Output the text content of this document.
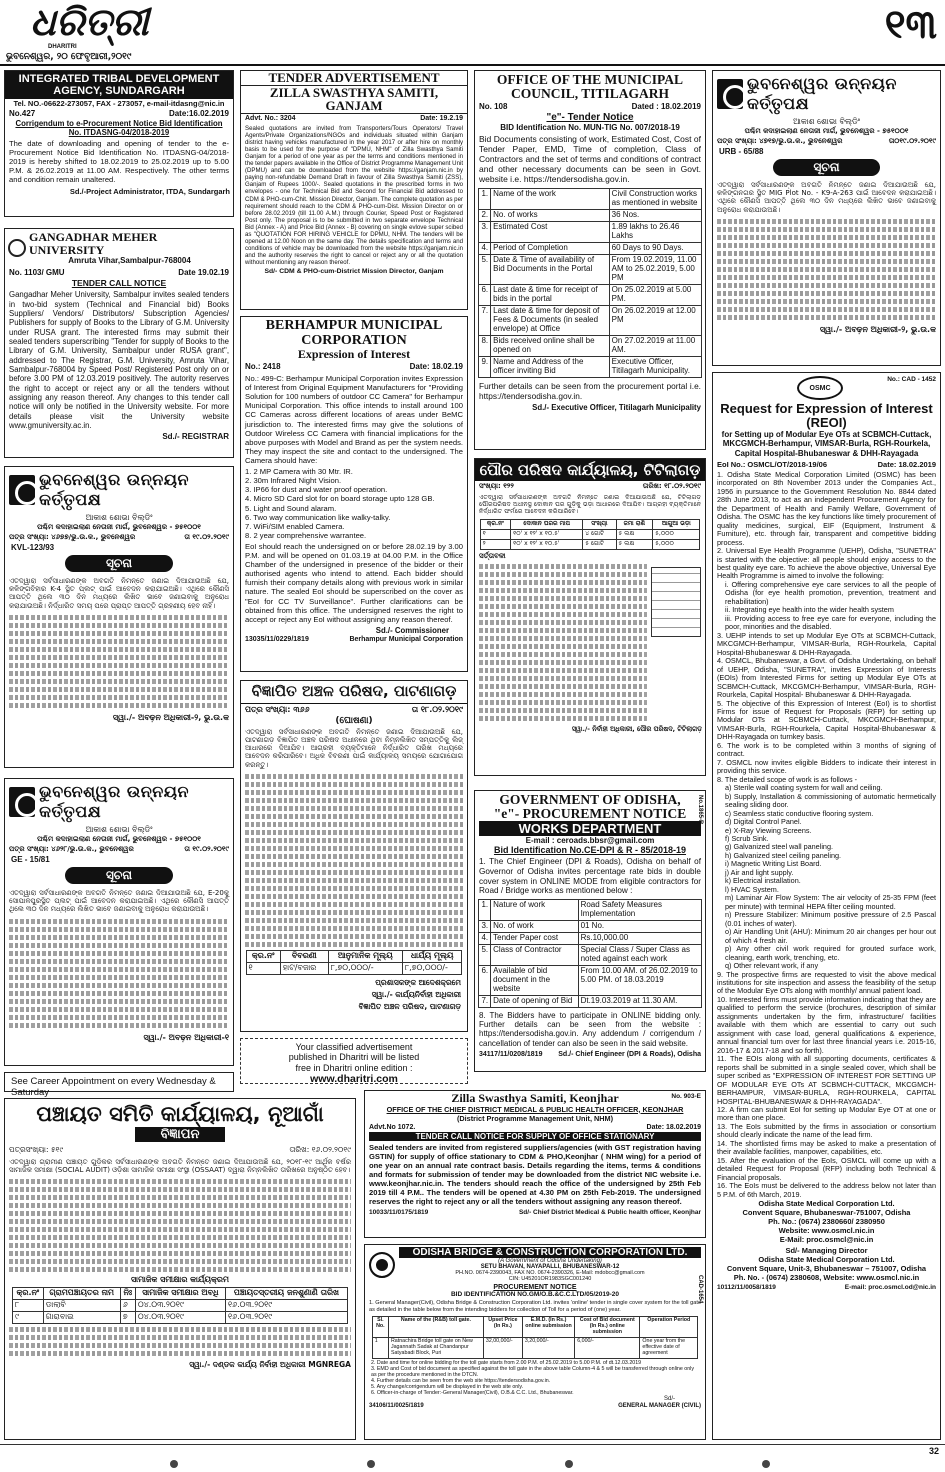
ଧରିତ୍ରୀ
DHARITRI
ଭୁବନେଶ୍ୱର, ୨୦ ଫେବୃଆରୀ,୨୦୧୯
୧୩
INTEGRATED TRIBAL DEVELOPMENT AGENCY, SUNDARGARH
Tel. NO.-06622-273057, FAX - 273057, e-mail-itdasng@nic.in
No.427	Date:16.02.2019
Corrigendum to e-Procurement Notice Bid Identification No. ITDASNG-04/2018-2019
The date of downloading and opening of tender to the e-Procurement Notice Bid Identification No. ITDASNG-04/2018-2019 is hereby shifted to 18.02.2019 to 25.02.2019 up to 5.00 P.M. & 26.02.2019 at 11.00 AM. Respectively. The other terms and condition remain unaltered.
Sd./-Project Administrator, ITDA, Sundargarh
GANGADHAR MEHER UNIVERSITY
Amruta Vihar,Sambalpur-768004
No. 1103/ GMU	Date 19.02.19
TENDER CALL NOTICE
Gangadhar Meher University, Sambalpur invites sealed tenders in two-bid system (Technical and Financial bid) Books Suppliers/ Vendors/ Distributors/ Subscription Agencies/ Publishers for supply of Books to the Library of G.M. University under RUSA grant. The interested firms may submit their sealed tenders superscribing "Tender for supply of Books to the Library of G.M. University, Sambalpur under RUSA grant", addressed to The Registrar, G.M. University, Amruta Vihar, Sambalpur-768004 by Speed Post/ Registered Post only on or before 3.00 PM of 12.03.2019 positively. The autority reserves the right to accept or reject any or all the tenders without assigning any reason thereof. Any changes to this tender call notice will only be notified in the University website. For more details please visit the University website www.gmuniversity.ac.in.
Sd./- REGISTRAR
ଭୁବନେଶ୍ୱର ଉନ୍ନୟନ କର୍ତ୍ତୃପକ୍ଷ
ଆକାଶ ଶୋଭା ବିଲ୍ଡିଂ
ପଶ୍ଚିମ କଦାହାଇଲାଣ ନେତାଜୀ ମାର୍ଗ, ଭୁବନେଶ୍ୱର - ୭୫୧୦୦୧
ପତ୍ର ସଂଖ୍ୟା: ୪୬୭୭/ଭୁ.ଉ.କ., ଭୁବନେଶ୍ୱର	ତା ୧୯.୦୨.୨୦୧୯
KVL-123/93
ସୂଚନା
ଏତଦ୍ୱାରା ସର୍ବସାଧାରଣଙ୍କ ଅବଗତି ନିମନ୍ତେ ଜଣାଇ ଦିଆଯାଉଅଛି ଯେ, କଳିଙ୍ଗବିହାର K-4 ସ୍ଥିତ ପ୍ଲଟ୍ ପାଇଁ ଆବେଦନ କରାଯାଇଅଛି। ଏଥିରେ କୌଣସି ଆପତ୍ତି ଥିଲେ ୩୦ ଦିନ ମଧ୍ୟରେ ଲିଖିତ ଭାବେ ଜଣାଇବାକୁ ଅନୁରୋଧ କରାଯାଉଅଛି। ନିର୍ଦ୍ଧାରିତ ସମୟ ପରେ ପ୍ରାପ୍ତ ଆପତ୍ତି ଗ୍ରହଣୀୟ ହେବ ନାହିଁ।
ସ୍ୱା./- ଅବଢ଼ନ ଅଧିକାରୀ-୨, ଭୁ.ଉ.କ
ଭୁବନେଶ୍ୱର ଉନ୍ନୟନ କର୍ତ୍ତୃପକ୍ଷ
ଆକାଶ ଶୋଭା ବିଲ୍ଡିଂ
ପଶ୍ଚିମ କଦାହାଇଲାଣ ନେତାଜୀ ମାର୍ଗ, ଭୁବନେଶ୍ୱର - ୭୫୧୦୦୧
ପତ୍ର ସଂଖ୍ୟା: ୪୬୨୮/ଭୁ.ଉ.କ., ଭୁବନେଶ୍ୱର	ତା ୧୯.୦୨.୨୦୧୯
GE - 15/81
ସୂଚନା
ଏତଦ୍ୱାରା ସର୍ବସାଧାରଣଙ୍କ ଅବଗତି ନିମନ୍ତେ ଜଣାଇ ଦିଆଯାଉଅଛି ଯେ, E-20କୁ ସୋପାଳପୁରସ୍ଥିତ ପ୍ଲଟ୍ ପାଇଁ ଆବେଦନ କରାଯାଇଅଛି। ଏଥିରେ କୌଣସି ଆପତ୍ତି ଥିଲେ ୩୦ ଦିନ ମଧ୍ୟରେ ଲିଖିତ ଭାବେ ଜଣାଇବାକୁ ଅନୁରୋଧ କରାଯାଉଅଛି।
ସ୍ୱା./- ଅବଢ଼ନ ଅଧିକାରୀ-୧
See Career Appointment on every Wednesday & Saturday
ପଞ୍ଚାୟତ ସମିତି କାର୍ଯ୍ୟାଳୟ, ନୂଆଗାଁ
ବିଜ୍ଞାପନ
ପତ୍ରସଂଖ୍ୟା: ୫୧୯	ତାରିଖ: ୧୬.୦୨.୨୦୧୯
ଏତଦ୍ୱାରା ଗ୍ରାମୀଣ ପଞ୍ଚାୟତ ଗୁଡ଼ିକର ସର୍ବସାଧାରଣଙ୍କ ଅବଗତି ନିମନ୍ତେ ଜଣାଇ ଦିଆଯାଉଅଛି ଯେ, ୨୦୧୮-୧୯ ଆର୍ଥିକ ବର୍ଷର ସାମାଜିକ ସମୀକ୍ଷା (SOCIAL AUDIT) ଓଡ଼ିଶା ସାମାଜିକ ସମୀକ୍ଷା ସଂସ୍ଥା (OSSAAT) ଦ୍ୱାରା ନିମ୍ନଲିଖିତ ତାରିଖରେ ଅନୁଷ୍ଠିତ ହେବ।
ସାମାଜିକ ସମୀକ୍ଷାର କାର୍ଯ୍ୟକ୍ରମ
କ୍ର.ନଂ	ଗ୍ରାମପଞ୍ଚାୟତର ନାମ	ନିଃ	ସାମାଜିକ ସମୀକ୍ଷାର ଅବଧି	ପଞ୍ଚାୟତସ୍ତରୀୟ ଜନଶୁଣାଣି ତାରିଖ
୮	ଡାଲାବି	୬	୦୪.୦୩.୨୦୧୯	୧୬.୦୩.୨୦୧୯
୯	ଗାରାବାଇ	୭	୦୪.୦୩.୨୦୧୯	୧୬.୦୩.୨୦୧୯
ସ୍ୱା./- ଦଣ୍ଡକ କାର୍ଯ୍ୟ ନିର୍ବାହୀ ଅଧିକାରୀ MGNREGA
TENDER ADVERTISEMENT
ZILLA SWASTHYA SAMITI, GANJAM
Advt. No.: 3204	Date: 19.2.19
Sealed quotations are invited from Transporters/Tours Operators/ Travel Agents/Private Organizations/NGOs and individuals situated within Ganjam district having vehicles manufactured in the year 2017 or after hire on monthly basis to be used for the purpose of "DPMU, NHM" of Zilla Swasthya Samiti Ganjam for a period of one year as per the terms and conditions mentioned in the tender papers available in the Office of District Programme Management Unit (DPMU) and can be downloaded from the website https://ganjam.nic.in by paying non-refundable Demand Draft in favour of Zilla Swasthya Samiti (ZSS), Ganjam of Rupees 1000/-. Sealed quotations in the prescribed forms in two envelopes - one for Technical Bid and Second for Financial Bid addressed to CDM & PHO-cum-Chit. Mission Director, Ganjam. The complete quotation as per requirement should reach to the CDM & PHO-cum-Dist. Mission Director on or before 28.02.2019 (till 11.00 A.M.) through Courier, Speed Post or Registered Post only. The proposal is to be submitted in two separate envelope Technical Bid (Annex - A) and Price Bid (Annex - B) covering on single evlove super scibed as "QUOTATION FOR HIRING VEHICLE for DPMU, NHM. The tenders will be opened at 12.00 Noon on the same day. The details specification and terms and conditions of vehicle may be downloaded from the website https://ganjam.nic.in and the authority reserves the right to cancel or reject any or all the quotation without mentioning any reason thereof.
Sd/- CDM & PHO-cum-District Mission Director, Ganjam
BERHAMPUR MUNICIPAL CORPORATION
Expression of Interest
No.: 2418	Date: 18.02.19
No.: 499-C: Berhampur Municipal Corporation invites Expression of Interest from Original Equipment Manufacturers for "Providing Solution for 100 numbers of outdoor CC Camera" for Berhampur Municipal Corporation. This office intends to install around 100 CC Cameras across different locations of areas under BeMC jurisdiction to. The interested firms may give the solutions of Outdoor Wireless CC Camera with financial implications for the above purposes with Model and Brand as per the system needs. They may inspect the site and contact to the undersigned. The Camera should have:
1. 2 MP Camera with 30 Mtr. IR.
2. 30m Infrared Night Vision.
3. IP66 for dust and water proof operation.
4. Micro SD Card slot for on board storage upto 128 GB.
5. Light and Sound alaram.
6. Two way communication like walky-talky.
7. WiFi/SIM enabled Camera.
8. 2 year comprehensive warrantee.
EoI should reach the undersigned on or before 28.02.19 by 3.00 P.M. and will be opened on 01.03.19 at 04.00 P.M. in the Office Chamber of the undersigned in presence of the bidder or their authorised agents who intend to attend. Each bidder should furnish their company details along with previous work in similar nature. The sealed EoI should be superscribed on the cover as "EoI for CC TV Surveillance". Further clarifications can be obtained from this office. The undersigned reserves the right to accept or reject any EoI without assigning any reason thereof.
Sd./- Commissioner
13035/11/0229/1819	Berhampur Municipal Corporation
ବିଜ୍ଞାପିତ ଅଞ୍ଚଳ ପରିଷଦ, ପାଟଣାଗଡ଼
ପତ୍ର ସଂଖ୍ୟା: ୩୬୬	ତା ୧୮.୦୨.୨୦୧୯
(ଘୋଷଣା)
ଏତଦ୍ୱାରା ସର୍ବସାଧାରଣଙ୍କ ଅବଗତି ନିମନ୍ତେ ଜଣାଇ ଦିଆଯାଉଅଛି ଯେ, ପାଟଣାଗଡ଼ ବିଜ୍ଞାପିତ ଅଞ୍ଚଳ ପରିଷଦ ଅଧୀନରେ ଥିବା ନିମ୍ନଲିଖିତ ସମ୍ପତ୍ତିକୁ ଲିଜ୍ ଆଧାରରେ ଦିଆଯିବ। ଆଗ୍ରହୀ ବ୍ୟକ୍ତିମାନେ ନିର୍ଦ୍ଧାରିତ ତାରିଖ ମଧ୍ୟରେ ଆବେଦନ କରିପାରିବେ। ଅଧିକ ବିବରଣୀ ପାଇଁ କାର୍ଯ୍ୟାଳୟ ସମୟରେ ଯୋଗାଯୋଗ କରନ୍ତୁ।
କ୍ର.ନଂ	ବିବରଣୀ	ଆନୁମାନିକ ମୂଲ୍ୟ	ଧାର୍ଯ୍ୟ ମୂଲ୍ୟ
୧	ହାଟ/ବଜାର	୮,୭୦,୦୦୦/-	୮,୭୦,୦୦୦/-
ପ୍ରଶାସକଙ୍କ ଆଦେଶକ୍ରମେ
ସ୍ୱା./- କାର୍ଯ୍ୟନିର୍ବାହୀ ଅଧିକାରୀ
ବିଜ୍ଞାପିତ ଅଞ୍ଚଳ ପରିଷଦ, ପାଟଣାଗଡ଼
Your classified advertisement
published in Dharitri will be listed
free in Dharitri online edition :
www.dharitri.com
OFFICE OF THE MUNICIPAL COUNCIL, TITILAGARH
No. 108	Dated : 18.02.2019
"e"- Tender Notice
BID Identification No. MUN-TIG No. 007/2018-19
Bid Documents consisting of work, Estimated Cost, Cost of Tender Paper, EMD, Time of completion, Class of Contractors and the set of terms and conditions of contract and other necessary documents can be seen in Govt. website i.e. https://tendersodisha.gov.in.
1.	Name of the work	Civil Construction works as mentioned in website
2.	No. of works	36 Nos.
3.	Estimated Cost	1.89 lakhs to 26.46 Lakhs
4.	Period of Completion	60 Days to 90 Days.
5.	Date & Time of availability of Bid Documents in the Portal	From 19.02.2019, 11.00 AM to 25.02.2019, 5.00 PM
6.	Last date & time for receipt of bids in the portal	On 25.02.2019 at 5.00 PM.
7.	Last date & time for deposit of Fees & Documents (in sealed envelope) at Office	On 26.02.2019 at 12.00 PM
8.	Bids received online shall be opened on	On 27.02.2019 at 11.00 AM.
9.	Name and Address of the officer inviting Bid	Executive Officer, Titilagarh Municipality.
Further details can be seen from the procurement portal i.e. https://tendersodisha.gov.in.
Sd./- Executive Officer, Titilagarh Municipality
ପୌର ପରିଷଦ କାର୍ଯ୍ୟାଳୟ, ଟିଟିଲାଗଡ଼
ସଂଖ୍ୟା: ୧୨୨	ତାରିଖ: ୧୮.୦୨.୨୦୧୯
ଏତଦ୍ୱାରା ସର୍ବସାଧାରଣଙ୍କ ଅବଗତି ନିମନ୍ତେ ଜଣାଇ ଦିଆଯାଉଅଛି ଯେ, ଟିଟିଲାଗଡ଼ ପୌରପରିଷଦ ଅଧୀନସ୍ଥ ଦୋକାନ ଘର ଗୁଡ଼ିକୁ ଭଡ଼ା ଆଧାରରେ ଦିଆଯିବ। ଆଗ୍ରହୀ ବ୍ୟକ୍ତିମାନେ ନିର୍ଦ୍ଧାରିତ ଫର୍ମରେ ଆବେଦନ କରିପାରିବେ।
କ୍ର.ନଂ	ଦୋକାନ ଘରର ମାପ	ସଂଖ୍ୟା	ଜମା ରାଶି	ଆଗୁଆ ଭଡ଼ା
୧	୧୦' x ୧୨' x ୧୦.୫'	୪ ଗୋଟି	୫ ଲକ୍ଷ	୫,୦୦୦
୨	୧୦' x ୧୨' x ୧୦.୫'	୫ ଗୋଟି	୫ ଲକ୍ଷ	୫,୦୦୦
ସର୍ତ୍ତାବଳୀ
ସ୍ୱା./- ନିର୍ବାହୀ ଅଧିକାରୀ, ପୌର ପରିଷଦ, ଟିଟିଲାଗଡ଼
GOVERNMENT OF ODISHA,
"e"- PROCUREMENT NOTICE
WORKS DEPARTMENT
No.1865-B
E-mail : ceroads.bbsr@gmail.com
Bid Identification No.CE-DPI & R - 85/2018-19
1. The Chief Engineer (DPI & Roads), Odisha on behalf of Governor of Odisha invites percentage rate bids in double cover system in ONLINE MODE from eligible contractors for Road / Bridge works as mentioned below :
1.	Nature of work	Road Safety Measures Implementation
3.	No. of work	01 No.
4.	Tender Paper cost	Rs.10,000.00
5.	Class of Contractor	Special Class / Super Class as noted against each work
6.	Available of bid document in the website	From 10.00 AM. of 26.02.2019 to 5.00 PM. of 18.03.2019
7.	Date of opening of Bid	Dt.19.03.2019 at 11.30 AM.
8. The Bidders have to participate in ONLINE bidding only. Further details can be seen from the website : https://tendersodisha.gov.in. Any addendum / corrigendum / cancellation of tender can also be seen in the said website.
34117/11/0208/1819 Sd./- Chief Engineer (DPI & Roads), Odisha
Zilla Swasthya Samiti, Keonjhar	No. 903-E
OFFICE OF THE CHIEF DISTRICT MEDICAL & PUBLIC HEALTH OFFICER, KEONJHAR
(District Programme Management Unit, NHM)
Advt.No 1072.	Date: 18.02.2019
TENDER CALL NOTICE FOR SUPPLY OF OFFICE STATIONARY
Sealed tenders are invited from registered suppliers/agencies (with GST registration having GSTIN) for supply of office stationary to CDM & PHO,Keonjhar ( NHM wing) for a period of one year on an annual rate contract basis. Details regarding the items, terms & conditions and formats for submission of tender may be downloaded from the district NIC website i.e. www.keonjhar.nic.in. The tenders should reach the office of the undersigned by 25th Feb 2019 till 4 P.M.. The tenders will be opened at 4.30 PM on 25th Feb-2019. The undersigned reserves the right to reject any or all the tenders without assigning any reason thereof.
10033/11/0175/1819	Sd/- Chief District Medical & Public health officer, Keonjhar
ODISHA BRIDGE & CONSTRUCTION CORPORATION LTD.
(A Government of Odisha Undertaking)
SETU BHAVAN, NAYAPALLI, BHUBANESWAR-12
PH.NO. 0674-2390043, FAX NO. 0674-2390326, E-Mail: mdobcc@gmail.com
CIN: U45201OR1983SGC001240	CAD-1654
PROCUREMENT NOTICE
BID IDENTIFICATION NO.GM/O.B.&C.C.LTD/05/2019-20
1. General Manager(Civil), Odisha Bridge & Construction Corporation Ltd. invites 'online' tender in single cover system for the toll gate as detailed in the table below from the intending bidders for collection of Toll for a period of (one) year.
Sl. No.	Name of the (R&B) toll gate.	Upset Price (In Rs.)	E.M.D. (In Rs.) online submission	Cost of Bid document (In Rs.) online submission	Operation Period
1	Ratnachira Bridge toll gate on New Jagannath Sadak at Chandanpur Satyabadi Block, Puri	32,00,000/-	3,20,000/-	6,000/-	One year from the effective date of agreement
2. Date and time for online bidding for the toll gate starts from 2.00 P.M. of 25.02.2019 to 5.00 P.M. of dt.12.03.2019
3. EMD and Cost of bid document as specified against the toll gate in the above table Column-4 & 5 will be transferred through online only as per the procedure mentioned in the DTCN.
4. Further details can be seen from the web site https://tendersodisha.gov.in.
5. Any change/corrigendum will be displayed in the web site only.
6. Officer-in-charge of Tender:-General Manager(Civil), O.B.& C.C. Ltd., Bhubaneswar.
Sd/-
34106/11/0025/1819	GENERAL MANAGER (CIVIL)
ଭୁବନେଶ୍ୱର ଉନ୍ନୟନ କର୍ତ୍ତୃପକ୍ଷ
ଆକାଶ ଶୋଭା ବିଲ୍ଡିଂ
ପଶ୍ଚିମ କଦାହାଇଲାଣ ନେତାଜୀ ମାର୍ଗ, ଭୁବନେଶ୍ୱର - ୭୫୧୦୦୧
ପତ୍ର ସଂଖ୍ୟା: ୪୭୧୭/ଭୁ.ଉ.କ., ଭୁବନେଶ୍ୱର	ତା୦୧୯.୦୨.୨୦୧୯
URB - 65/88
ସୂଚନା
ଏତଦ୍ୱାରା ସର୍ବସାଧାରଣଙ୍କ ଅବଗତି ନିମନ୍ତେ ଜଣାଇ ଦିଆଯାଉଅଛି ଯେ, କଳିଙ୍ଗନଗର ସ୍ଥିତ MIG Plot No. - K9-A-263 ପାଇଁ ଆବେଦନ କରାଯାଇଅଛି। ଏଥିରେ କୌଣସି ଆପତ୍ତି ଥିଲେ ୩୦ ଦିନ ମଧ୍ୟରେ ଲିଖିତ ଭାବେ ଜଣାଇବାକୁ ଅନୁରୋଧ କରାଯାଉଅଛି।
ସ୍ୱା./- ଅବଢ଼ନ ଅଧିକାରୀ-୨, ଭୁ.ଉ.କ
OSMC
No.: CAD - 1452
Request for Expression of Interest (REOI)
for Setting up of Modular Eye OTs at SCBMCH-Cuttack, MKCGMCH-Berhampur, VIMSAR-Burla, RGH-Rourkela, Capital Hospital-Bhubaneswar & DHH-Rayagada
EoI No.: OSMCL/OT/2018-19/06	Date: 18.02.2019
1. Odisha State Medical Corporation Limited (OSMC) has been incorporated on 8th November 2013 under the Companies Act., 1956 in pursuance to the Government Resolution No. 8844 dated 28th June 2013, to act as an independent Procurement Agency for the Department of Health and Family Welfare, Government of Odisha. The OSMC has the key functions like timely procurement of quality medicines, surgical, EIF (Equipment, Instrument & Furniture), etc. through fair, transparent and competitive bidding process.
2. Universal Eye Health Programme (UEHP), Odisha, "SUNETRA" is started with the objective: all people should enjoy access to the best quality eye care. To achieve the above objective, Universal Eye Health Programme is aimed to involve the following:
i. Offering comprehensive eye care services to all the people of Odisha (for eye health promotion, prevention, treatment and rehabilitation)
ii. Integrating eye health into the wider health system
iii. Providing access to free eye care for everyone, including the poor, minorities and the disabled.
3. UEHP intends to set up Modular Eye OTs at SCBMCH-Cuttack, MKCGMCH-Berhampur, VIMSAR-Burla, RGH-Rourkela, Capital Hospital-Bhubaneswar & DHH-Rayagada.
4. OSMCL, Bhubaneswar, a Govt. of Odisha Undertaking, on behalf of UEHP, Odisha, "SUNETRA", invites Expression of Interests (EOIs) from Interested Firms for setting up Modular Eye OTs at SCBMCH-Cuttack, MKCGMCH-Berhampur, VIMSAR-Burla, RGH-Rourkela, Capital Hospital- Bhubaneswar & DHH-Rayagada.
5. The objective of this Expression of Interest (EoI) is to shortlist Firms for issue of Request for Proposals (RFP) for setting up Modular OTs at SCBMCH-Cuttack, MKCGMCH-Berhampur, VIMSAR-Burla, RGH-Rourkela, Capital Hospital-Bhubaneswar & DHH-Rayagada on turnkey basis.
6. The work is to be completed within 3 months of signing of contract.
7. OSMCL now invites eligible Bidders to indicate their interest in providing this service.
8. The detailed scope of work is as follows -
a) Sterile wall coating system for wall and ceiling.
b) Supply, Installation & commissioning of automatic hermetically sealing sliding door.
c) Seamless static conductive flooring system.
d) Digital Control Panel.
e) X-Ray Viewing Screens.
f) Scrub Sink.
g) Galvanized steel wall paneling.
h) Galvanized steel ceiling paneling.
i) Magnetic Writing List Board.
j) Air and light supply.
k) Electrical installation.
l) HVAC System.
m) Laminar Air Flow System: The air velocity of 25-35 FPM (feet per minute) with terminal HEPA filter ceiling mounted.
n) Pressure Stabilizer: Minimum positive pressure of 2.5 Pascal (0.01 inches of water).
o) Air Handling Unit (AHU): Minimum 20 air changes per hour out of which 4 fresh air.
p) Any other civil work required for grouted surface work, cleaning, earth work, trenching, etc.
q) Other relevant work, if any
9. The prospective firms are requested to visit the above medical institutions for site inspection and assess the feasibility of the setup of the Modular Eye OTs along with monthly/ annual patient load.
10. Interested firms must provide information indicating that they are qualified to perform the service (brochures, description of similar assignments undertaken by the firm, infrastructure/ facilities available with them which are essential to carry out such assignment with case load, general qualifications & experience, annual financial turn over for last three financial years i.e. 2015-16, 2016-17 & 2017-18 and so forth).
11. The EOIs along with all supporting documents, certificates & reports shall be submitted in a single sealed cover, which shall be super scribed as "EXPRESSION OF INTEREST FOR SETTING UP OF MODULAR EYE OTs AT SCBMCH-CUTTACK, MKCGMCH-BERHAMPUR, VIMSAR-BURLA, RGH-ROURKELA, CAPITAL HOSPITAL-BHUBANESWAR & DHH-RAYAGADA".
12. A firm can submit EoI for setting up Modular Eye OT at one or more than one place.
13. The EoIs submitted by the firms in association or consortium should clearly indicate the name of the lead firm.
14. The shortlisted firms may be asked to make a presentation of their available facilities, manpower, capabilities, etc.
15. After the evaluation of the EoIs, OSMCL will come up with a detailed Request for Proposal (RFP) including both Technical & Financial proposals.
16. The EoIs must be delivered to the address below not later than 5 P.M. of 6th March, 2019.
Odisha State Medical Corporation Ltd.
Convent Square, Bhubaneswar-751007, Odisha
Ph. No.: (0674) 2380660/ 2380950
Website: www.osmcl.nic.in
E-Mail: proc.osmcl@nic.in
Sd/- Managing Director
Odisha State Medical Corporation Ltd.
Convent Square, Unit-3, Bhubaneswar – 751007, Odisha
Ph. No. - (0674) 2380608, Website: www.osmcl.nic.in
10112/11/0058/1819	E-mail: proc.osmcl.od@nic.in
32
